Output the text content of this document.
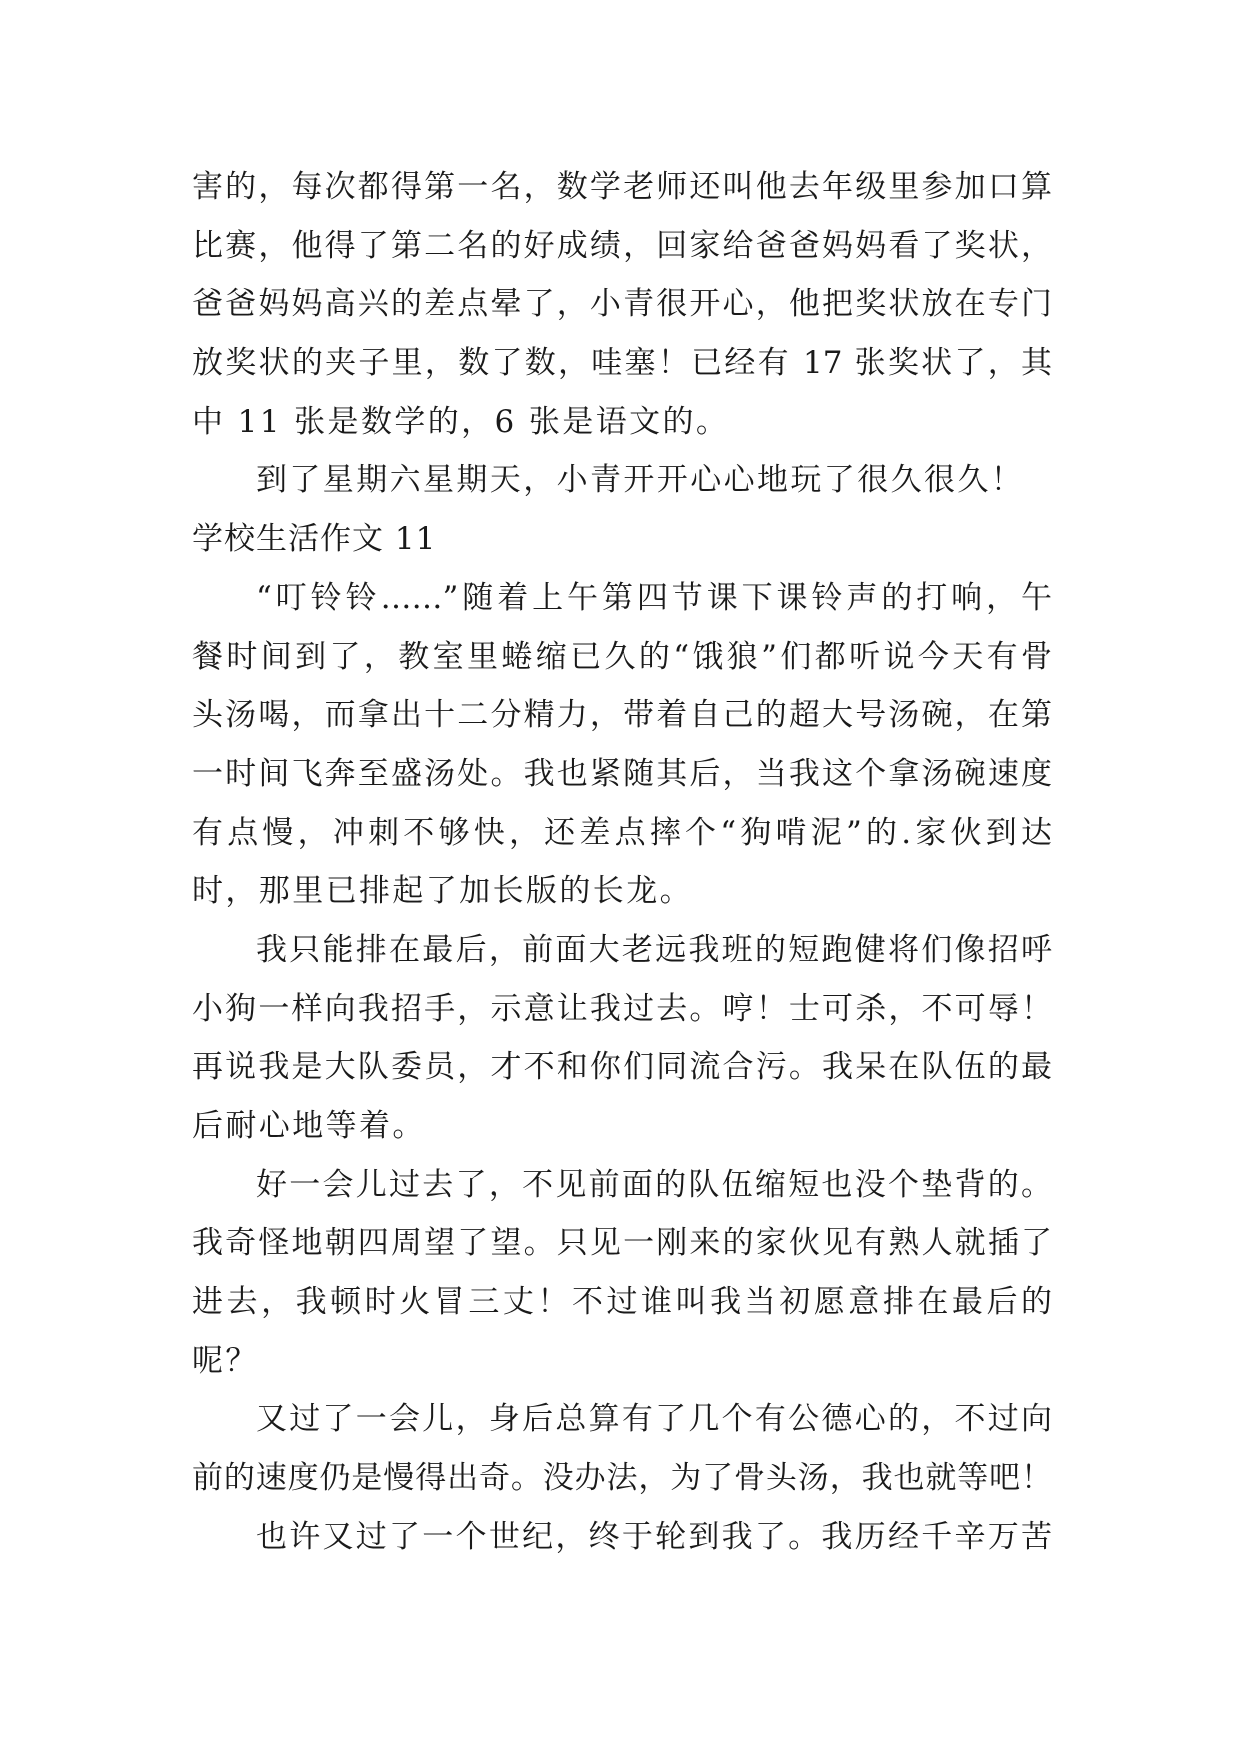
害的，每次都得第一名，数学老师还叫他去年级里参加口算
比赛，他得了第二名的好成绩，回家给爸爸妈妈看了奖状，
爸爸妈妈高兴的差点晕了，小青很开心，他把奖状放在专门
放奖状的夹子里，数了数，哇塞！已经有 17 张奖状了，其
中 11 张是数学的，6 张是语文的。
到了星期六星期天，小青开开心心地玩了很久很久！
学校生活作文 11
“叮铃铃……”随着上午第四节课下课铃声的打响，午
餐时间到了，教室里蜷缩已久的“饿狼”们都听说今天有骨
头汤喝，而拿出十二分精力，带着自己的超大号汤碗，在第
一时间飞奔至盛汤处。我也紧随其后，当我这个拿汤碗速度
有点慢，冲刺不够快，还差点摔个“狗啃泥”的.家伙到达
时，那里已排起了加长版的长龙。
我只能排在最后，前面大老远我班的短跑健将们像招呼
小狗一样向我招手，示意让我过去。哼！士可杀，不可辱！
再说我是大队委员，才不和你们同流合污。我呆在队伍的最
后耐心地等着。
好一会儿过去了，不见前面的队伍缩短也没个垫背的。
我奇怪地朝四周望了望。只见一刚来的家伙见有熟人就插了
进去，我顿时火冒三丈！不过谁叫我当初愿意排在最后的
呢？
又过了一会儿，身后总算有了几个有公德心的，不过向
前的速度仍是慢得出奇。没办法，为了骨头汤，我也就等吧！
也许又过了一个世纪，终于轮到我了。我历经千辛万苦
